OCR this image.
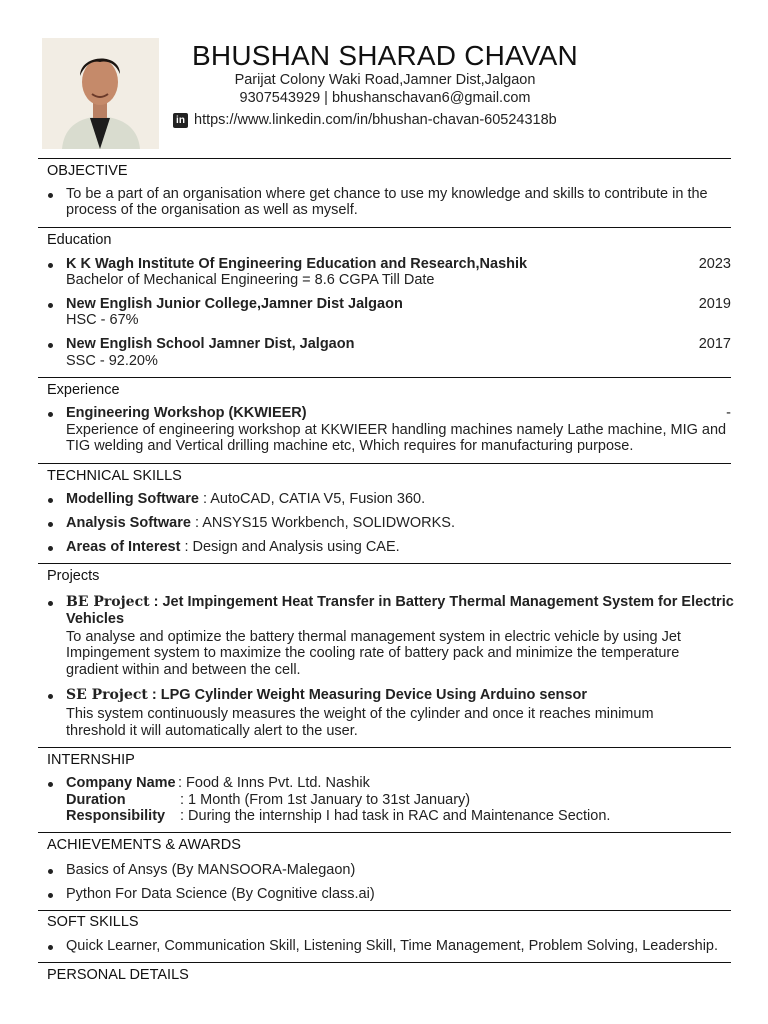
BHUSHAN SHARAD CHAVAN
Parijat Colony Waki Road,Jamner Dist,Jalgaon
9307543929 | bhushanschavan6@gmail.com
in https://www.linkedin.com/in/bhushan-chavan-60524318b
OBJECTIVE
To be a part of an organisation where get chance to use my knowledge and skills to contribute in the
process of the organisation as well as myself.
Education
K K Wagh Institute Of Engineering Education and Research,Nashik
Bachelor of Mechanical Engineering = 8.6 CGPA Till Date
2023
New English Junior College,Jamner Dist Jalgaon
HSC - 67%
2019
New English School Jamner Dist, Jalgaon
SSC - 92.20%
2017
Experience
Engineering Workshop (KKWIEER)	-
Experience of engineering workshop at KKWIEER handling machines namely Lathe machine, MIG and
TIG welding and Vertical drilling machine etc, Which requires for manufacturing purpose.
TECHNICAL SKILLS
Modelling Software : AutoCAD, CATIA V5, Fusion 360.
Analysis Software : ANSYS15 Workbench, SOLIDWORKS.
Areas of Interest : Design and Analysis using CAE.
Projects
BE Project : Jet Impingement Heat Transfer in Battery Thermal Management System for Electric
Vehicles
To analyse and optimize the battery thermal management system in electric vehicle by using Jet
Impingement system to maximize the cooling rate of battery pack and minimize the temperature
gradient within and between the cell.
SE Project : LPG Cylinder Weight Measuring Device Using Arduino sensor
This system continuously measures the weight of the cylinder and once it reaches minimum
threshold it will automatically alert to the user.
INTERNSHIP
Company Name : Food & Inns Pvt. Ltd. Nashik
Duration	: 1 Month (From 1st January to 31st January)
Responsibility : During the internship I had task in RAC and Maintenance Section.
ACHIEVEMENTS & AWARDS
Basics of Ansys (By MANSOORA-Malegaon)
Python For Data Science (By Cognitive class.ai)
SOFT SKILLS
Quick Learner, Communication Skill, Listening Skill, Time Management, Problem Solving, Leadership.
PERSONAL DETAILS
